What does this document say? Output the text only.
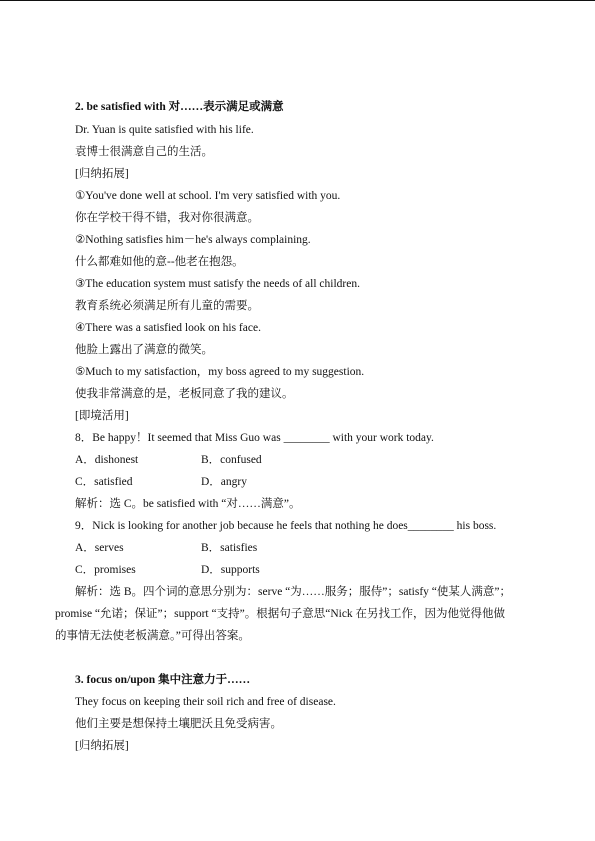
2. be satisfied with 对……表示满足或满意
Dr. Yuan is quite satisfied with his life.
袁博士很满意自己的生活。
[归纳拓展]
①You've done well at school. I'm very satisfied with you.
你在学校干得不错，我对你很满意。
②Nothing satisfies him－he's always complaining.
什么都难如他的意--他老在抱怨。
③The education system must satisfy the needs of all children.
教育系统必须满足所有儿童的需要。
④There was a satisfied look on his face.
他脸上露出了满意的微笑。
⑤Much to my satisfaction，my boss agreed to my suggestion.
使我非常满意的是，老板同意了我的建议。
[即境活用]
8．Be happy！It seemed that Miss Guo was ________ with your work today.
A．dishonest	B．confused
C．satisfied	D．angry
解析：选 C。be satisfied with “对……满意”。
9．Nick is looking for another job because he feels that nothing he does________ his boss.
A．serves	B．satisfies
C．promises	D．supports
解析：选 B。四个词的意思分别为：serve “为……服务；服侍”；satisfy “使某人满意”；
promise “允诺；保证”；support “支持”。根据句子意思“Nick 在另找工作，因为他觉得他做
的事情无法使老板满意。”可得出答案。
3. focus on/upon 集中注意力于……
They focus on keeping their soil rich and free of disease.
他们主要是想保持土壤肥沃且免受病害。
[归纳拓展]
